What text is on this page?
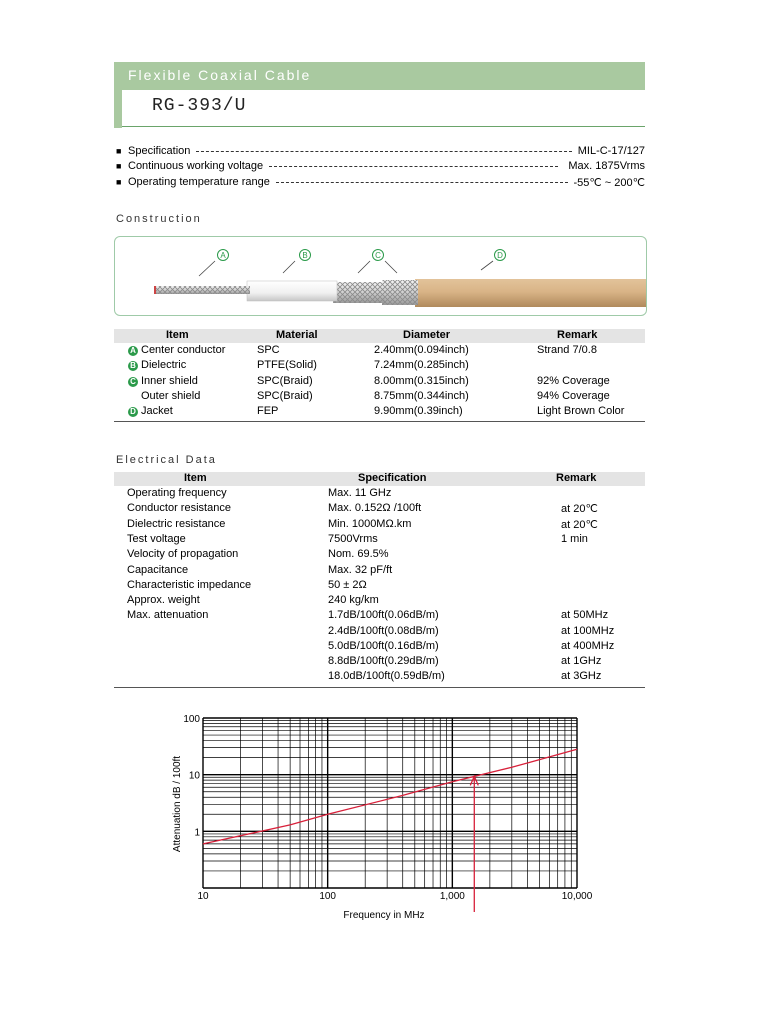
Flexible Coaxial Cable
RG-393/U
■ Specification	MIL-C-17/127
■ Continuous working voltage	Max. 1875Vrms
■ Operating temperature range	-55℃ ~ 200℃
Construction
A	B	C	D
Item	Material	Diameter	Remark
A Center conductor	SPC	2.40mm(0.094inch)	Strand 7/0.8
B Dielectric	PTFE(Solid)	7.24mm(0.285inch)
C Inner shield	SPC(Braid)	8.00mm(0.315inch)	92% Coverage
Outer shield	SPC(Braid)	8.75mm(0.344inch)	94% Coverage
D Jacket	FEP	9.90mm(0.39inch)	Light Brown Color
Electrical Data
Item	Specification	Remark
Operating frequency	Max. 11 GHz
Conductor resistance	Max. 0.152Ω /100ft	at 20℃
Dielectric resistance	Min. 1000MΩ.km	at 20℃
Test voltage	7500Vrms	1 min
Velocity of propagation	Nom. 69.5%
Capacitance	Max. 32 pF/ft
Characteristic impedance	50 ± 2Ω
Approx. weight	240 kg/km
Max. attenuation	1.7dB/100ft(0.06dB/m)	at 50MHz
2.4dB/100ft(0.08dB/m)	at 100MHz
5.0dB/100ft(0.16dB/m)	at 400MHz
8.8dB/100ft(0.29dB/m)	at 1GHz
18.0dB/100ft(0.59dB/m)	at 3GHz
10	100	1,000	10,000
1
10
100
Frequency in MHz
Attenuation dB / 100ft
